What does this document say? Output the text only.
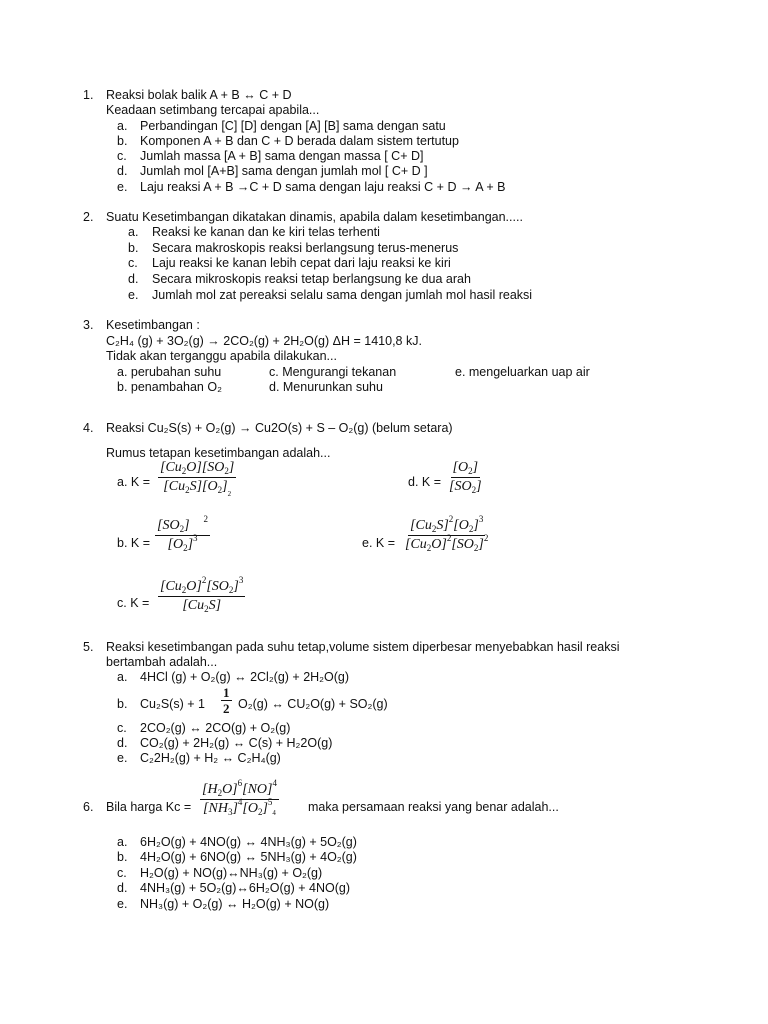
1. Reaksi bolak balik A + B ↔ C + D
Keadaan setimbang tercapai apabila...
a. Perbandingan [C] [D] dengan [A] [B] sama dengan satu
b. Komponen A + B dan C + D berada dalam sistem tertutup
c. Jumlah massa [A + B] sama dengan massa [ C+ D]
d. Jumlah mol [A+B] sama dengan jumlah mol [ C+ D ]
e. Laju reaksi A + B →C + D sama dengan laju reaksi C + D → A + B
2. Suatu Kesetimbangan dikatakan dinamis, apabila dalam kesetimbangan.....
a. Reaksi ke kanan dan ke kiri telas terhenti
b. Secara makroskopis reaksi berlangsung terus-menerus
c. Laju reaksi ke kanan lebih cepat dari laju reaksi ke kiri
d. Secara mikroskopis reaksi tetap berlangsung ke dua arah
e. Jumlah mol zat pereaksi selalu sama dengan jumlah mol hasil reaksi
3. Kesetimbangan :
C₂H₄ (g) + 3O₂(g) → 2CO₂(g) + 2H₂O(g) ΔH = 1410,8 kJ.
Tidak akan terganggu apabila dilakukan...
a. perubahan suhu	c. Mengurangi tekanan	e. mengeluarkan uap air
b. penambahan O₂	d. Menurunkan suhu
4. Reaksi Cu₂S(s) + O₂(g) → Cu2O(s) + S – O₂(g) (belum setara)
Rumus tetapan kesetimbangan adalah...
a. $K = \frac{[Cu_2O][SO_2]}{[Cu_2S][O_2]_2}$	d. $K = \frac{[O_2]}{[SO_2]}$
b. $K = \frac{[SO_2] ^2}{[O_2]^3}$	e. $K = \frac{[Cu_2S]^2[O_2]^3}{[Cu_2O]^2[SO_2]^2}$
c. $K = \frac{[Cu_2O]^2[SO_2]^3}{[Cu_2S]}$
5. Reaksi kesetimbangan pada suhu tetap,volume sistem diperbesar menyebabkan hasil reaksi
bertambah adalah...
a. 4HCl (g) + O₂(g) ↔ 2Cl₂(g) + 2H₂O(g)
b. $Cu_2S(s) + 1 \frac{1}{2} O_2(g)$ ↔ CU₂O(g) + SO₂(g)
c. 2CO₂(g) ↔ 2CO(g) + O₂(g)
d. CO₂(g) + 2H₂(g) ↔ C(s) + H₂2O(g)
e. C₂2H₂(g) + H₂ ↔ C₂H₄(g)
6. Bila harga $Kc = \frac{[H_2O]^6[NO]^4}{[NH_3]^4[O_2]^5_4}$ maka persamaan reaksi yang benar adalah...
a. 6H₂O(g) + 4NO(g) ↔ 4NH₃(g) + 5O₂(g)
b. 4H₂O(g) + 6NO(g) ↔ 5NH₃(g) + 4O₂(g)
c. H₂O(g) + NO(g)↔NH₃(g) + O₂(g)
d. 4NH₃(g) + 5O₂(g)↔6H₂O(g) + 4NO(g)
e. NH₃(g) + O₂(g) ↔ H₂O(g) + NO(g)
